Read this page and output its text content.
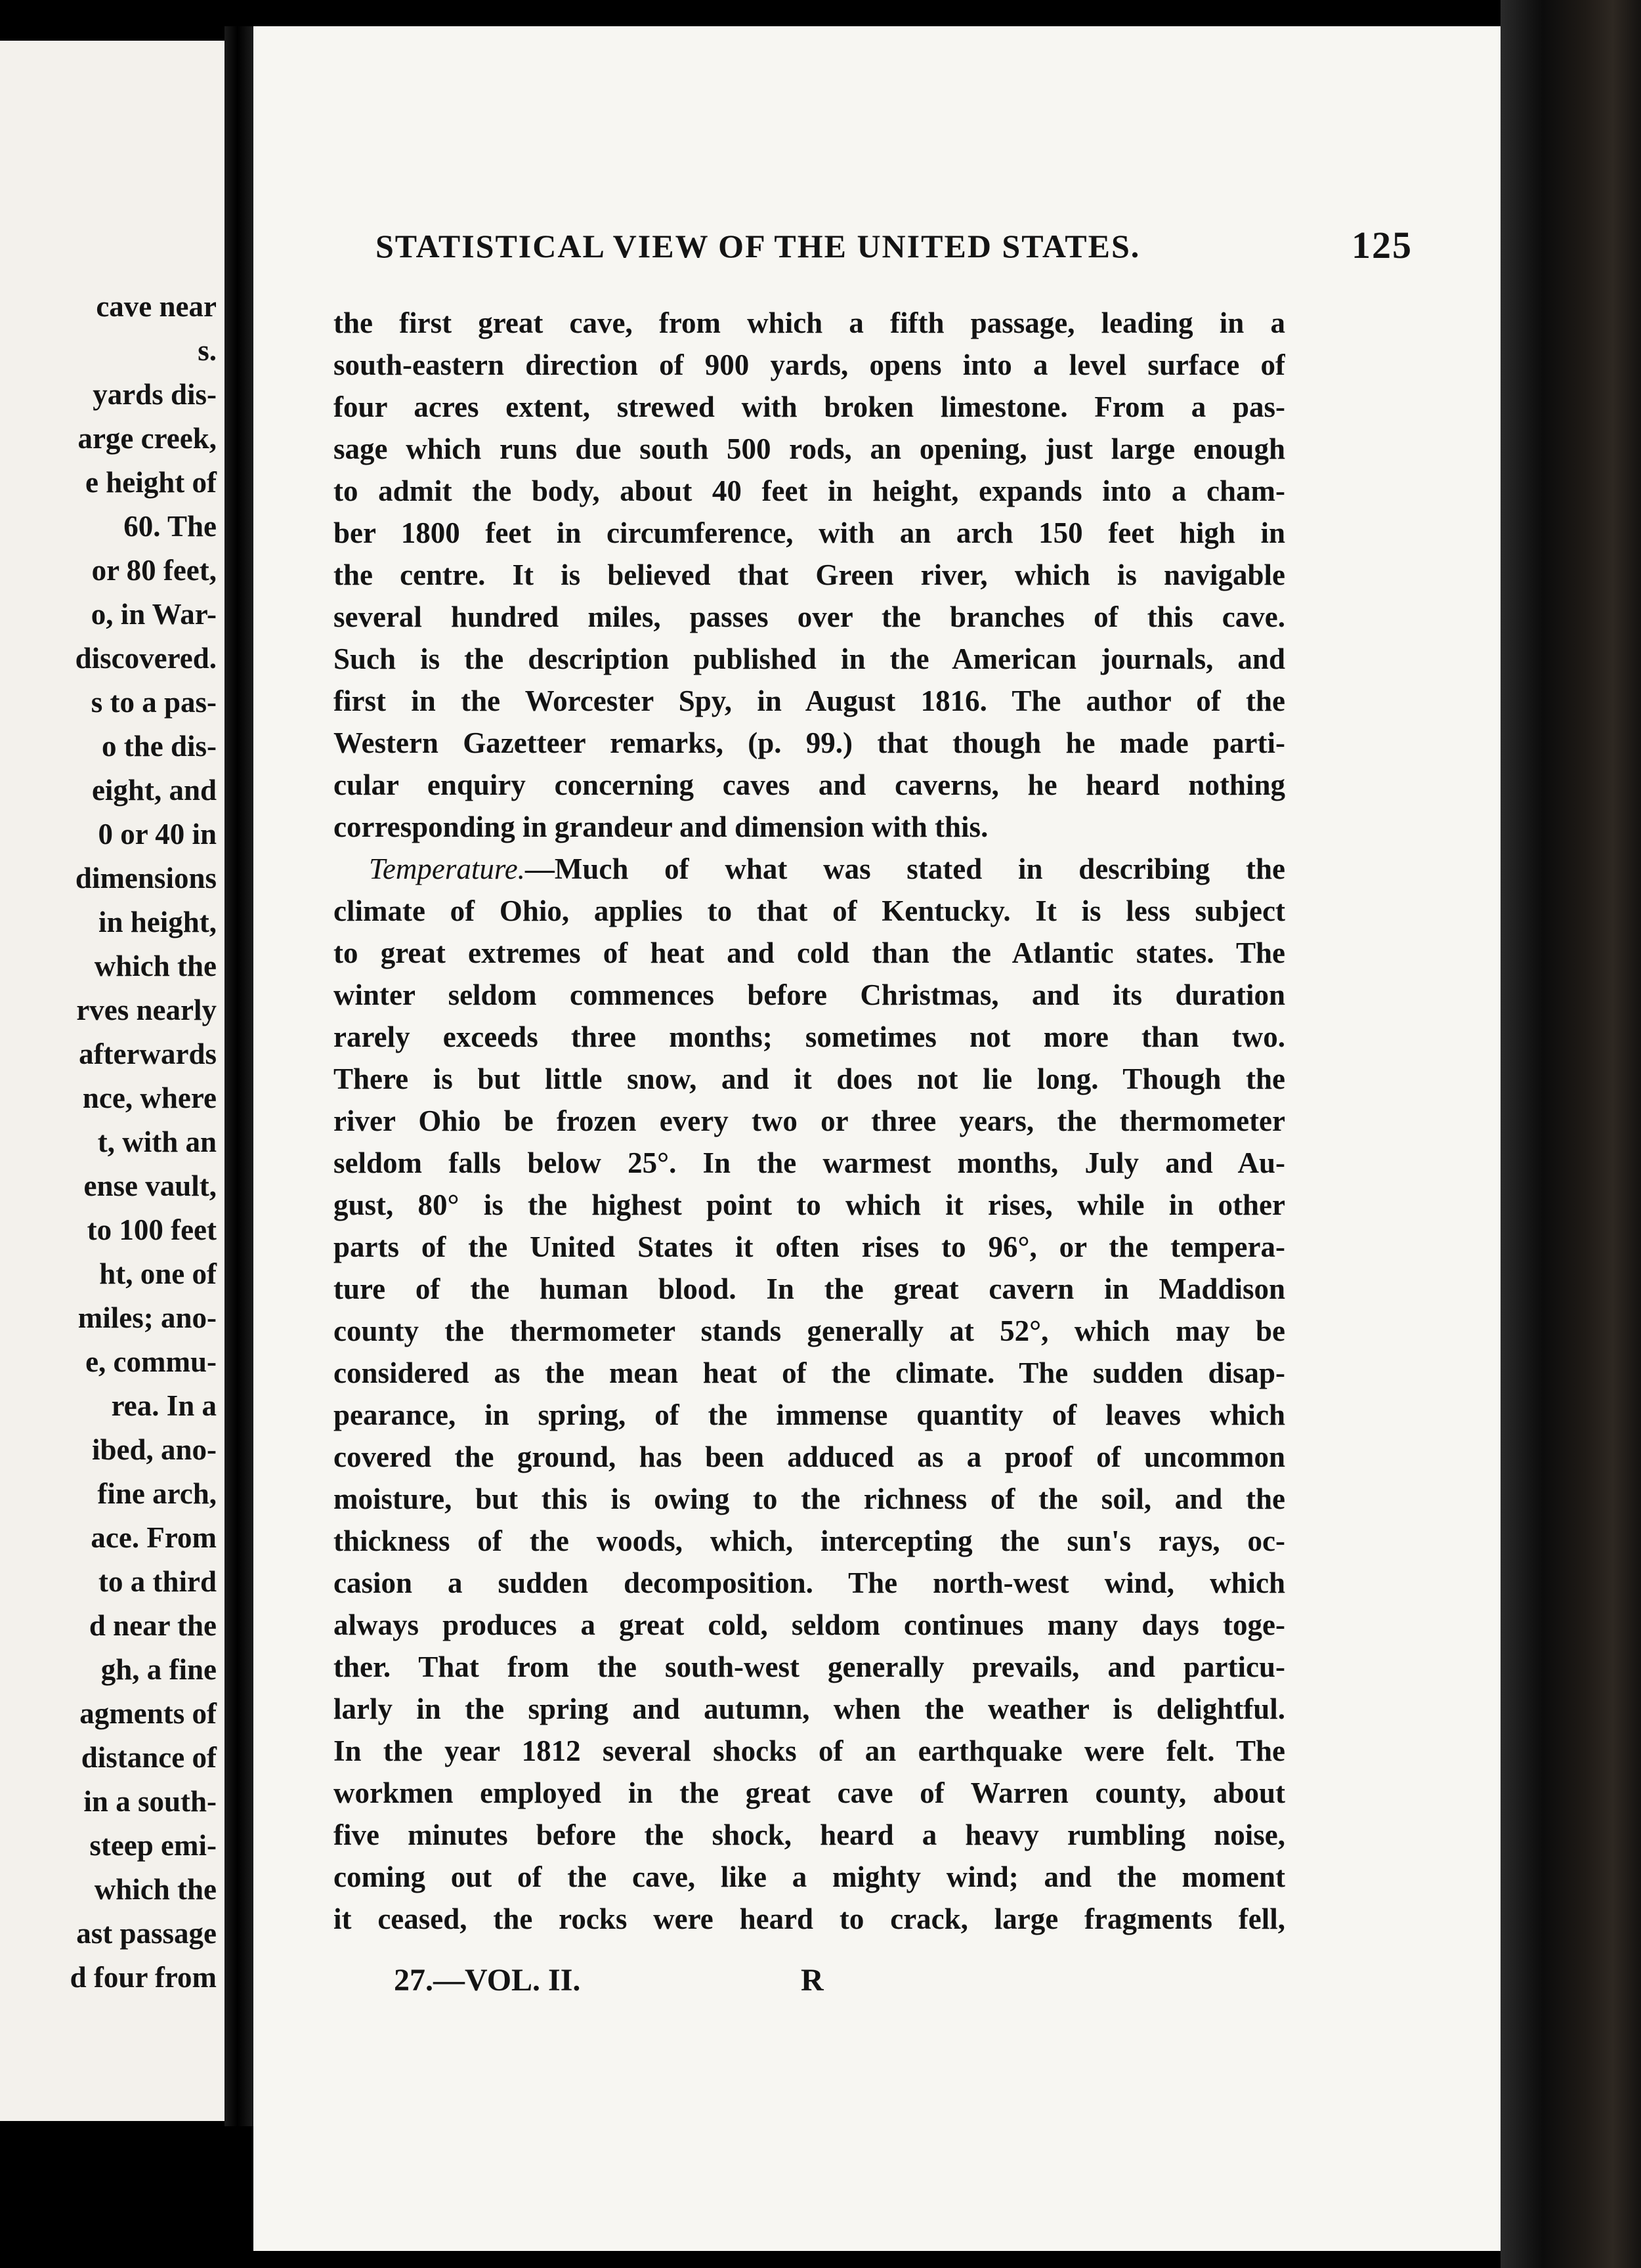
cave near
s.
yards dis-
arge creek,
e height of
60. The
or 80 feet,
o, in War-
discovered.
s to a pas-
o the dis-
eight, and
0 or 40 in
dimensions
in height,
which the
rves nearly
afterwards
nce, where
t, with an
ense vault,
to 100 feet
ht, one of
miles; ano-
e, commu-
rea. In a
ibed, ano-
fine arch,
ace. From
to a third
d near the
gh, a fine
agments of
distance of
in a south-
steep emi-
which the
ast passage
d four from
STATISTICAL VIEW OF THE UNITED STATES.	125
the first great cave, from which a fifth passage, leading in a
south-eastern direction of 900 yards, opens into a level surface of
four acres extent, strewed with broken limestone. From a pas-
sage which runs due south 500 rods, an opening, just large enough
to admit the body, about 40 feet in height, expands into a cham-
ber 1800 feet in circumference, with an arch 150 feet high in
the centre. It is believed that Green river, which is navigable
several hundred miles, passes over the branches of this cave.
Such is the description published in the American journals, and
first in the Worcester Spy, in August 1816. The author of the
Western Gazetteer remarks, (p. 99.) that though he made parti-
cular enquiry concerning caves and caverns, he heard nothing
corresponding in grandeur and dimension with this.
Temperature. —Much of what was stated in describing the
climate of Ohio, applies to that of Kentucky. It is less subject
to great extremes of heat and cold than the Atlantic states. The
winter seldom commences before Christmas, and its duration
rarely exceeds three months; sometimes not more than two.
There is but little snow, and it does not lie long. Though the
river Ohio be frozen every two or three years, the thermometer
seldom falls below 25°. In the warmest months, July and Au-
gust, 80° is the highest point to which it rises, while in other
parts of the United States it often rises to 96°, or the tempera-
ture of the human blood. In the great cavern in Maddison
county the thermometer stands generally at 52°, which may be
considered as the mean heat of the climate. The sudden disap-
pearance, in spring, of the immense quantity of leaves which
covered the ground, has been adduced as a proof of uncommon
moisture, but this is owing to the richness of the soil, and the
thickness of the woods, which, intercepting the sun's rays, oc-
casion a sudden decomposition. The north-west wind, which
always produces a great cold, seldom continues many days toge-
ther. That from the south-west generally prevails, and particu-
larly in the spring and autumn, when the weather is delightful.
In the year 1812 several shocks of an earthquake were felt. The
workmen employed in the great cave of Warren county, about
five minutes before the shock, heard a heavy rumbling noise,
coming out of the cave, like a mighty wind; and the moment
it ceased, the rocks were heard to crack, large fragments fell,
27.—VOL. II.	R
